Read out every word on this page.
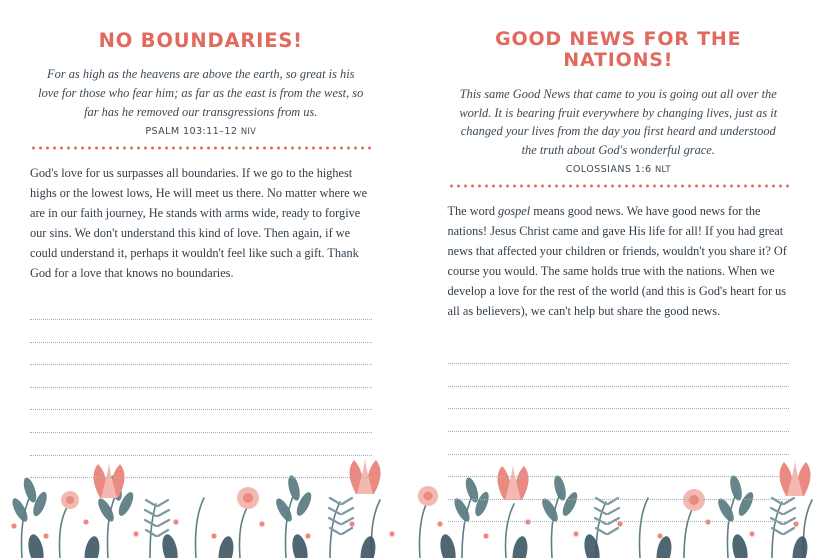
NO BOUNDARIES!
For as high as the heavens are above the earth, so great is his love for those who fear him; as far as the east is from the west, so far has he removed our transgressions from us.
PSALM 103:11–12 NIV
God's love for us surpasses all boundaries. If we go to the highest highs or the lowest lows, He will meet us there. No matter where we are in our faith journey, He stands with arms wide, ready to forgive our sins. We don't understand this kind of love. Then again, if we could understand it, perhaps it wouldn't feel like such a gift. Thank God for a love that knows no boundaries.
GOOD NEWS FOR THE NATIONS!
This same Good News that came to you is going out all over the world. It is bearing fruit everywhere by changing lives, just as it changed your lives from the day you first heard and understood the truth about God's wonderful grace.
COLOSSIANS 1:6 NLT
The word gospel means good news. We have good news for the nations! Jesus Christ came and gave His life for all! If you had great news that affected your children or friends, wouldn't you share it? Of course you would. The same holds true with the nations. When we develop a love for the rest of the world (and this is God's heart for us all as believers), we can't help but share the good news.
